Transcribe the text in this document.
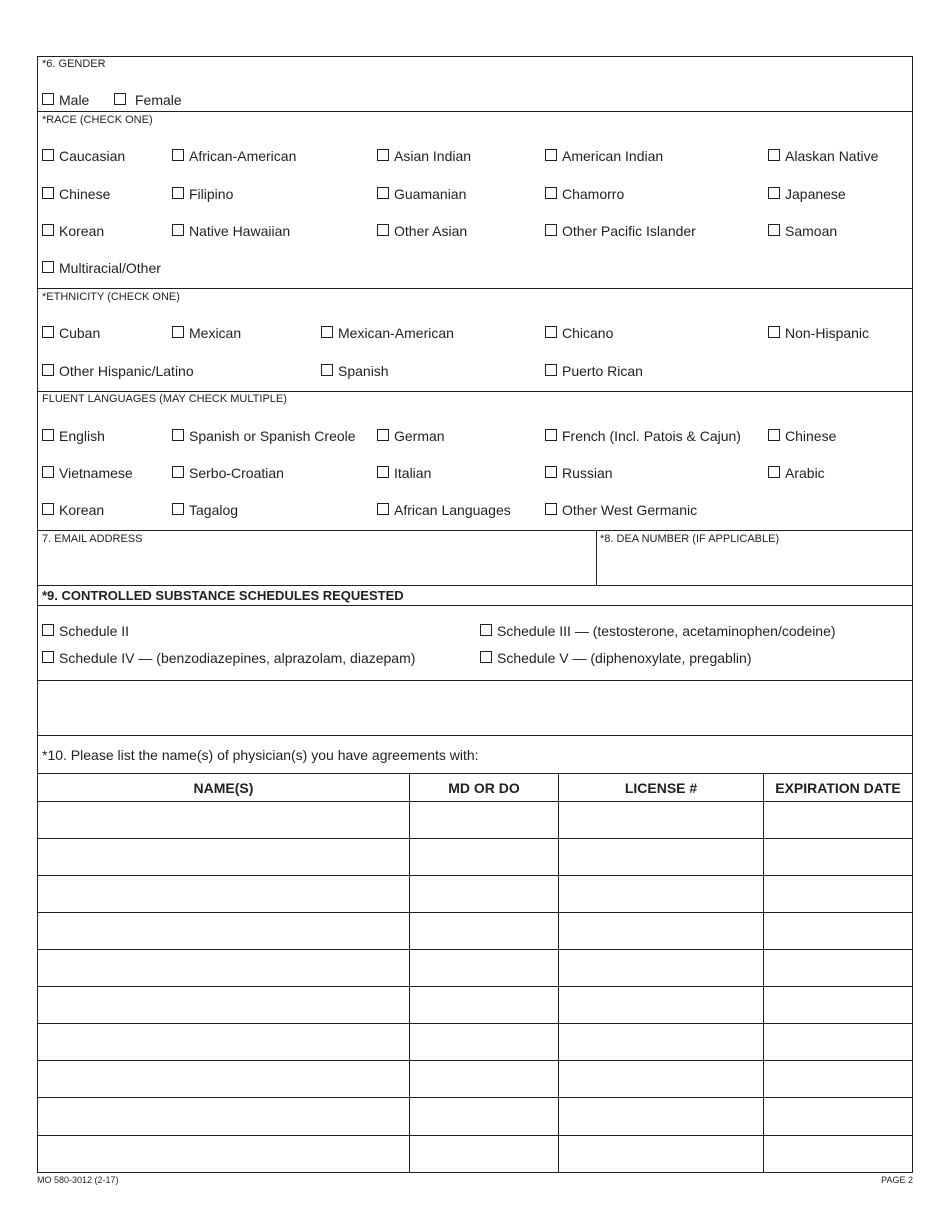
*6. GENDER
Male	Female
*RACE (CHECK ONE)
Caucasian	African-American	Asian Indian	American Indian	Alaskan Native
Chinese	Filipino	Guamanian	Chamorro	Japanese
Korean	Native Hawaiian	Other Asian	Other Pacific Islander	Samoan
Multiracial/Other
*ETHNICITY (CHECK ONE)
Cuban	Mexican	Mexican-American	Chicano	Non-Hispanic
Other Hispanic/Latino	Spanish	Puerto Rican
FLUENT LANGUAGES (MAY CHECK MULTIPLE)
English	Spanish or Spanish Creole	German	French (Incl. Patois & Cajun)	Chinese
Vietnamese	Serbo-Croatian	Italian	Russian	Arabic
Korean	Tagalog	African Languages	Other West Germanic
7. EMAIL ADDRESS	*8. DEA NUMBER (IF APPLICABLE)
*9. CONTROLLED SUBSTANCE SCHEDULES REQUESTED
Schedule II	Schedule III — (testosterone, acetaminophen/codeine)
Schedule IV — (benzodiazepines, alprazolam, diazepam)	Schedule V — (diphenoxylate, pregablin)
*10. Please list the name(s) of physician(s) you have agreements with:
NAME(S)	MD OR DO	LICENSE #	EXPIRATION DATE
MO 580-3012 (2-17)	PAGE 2
